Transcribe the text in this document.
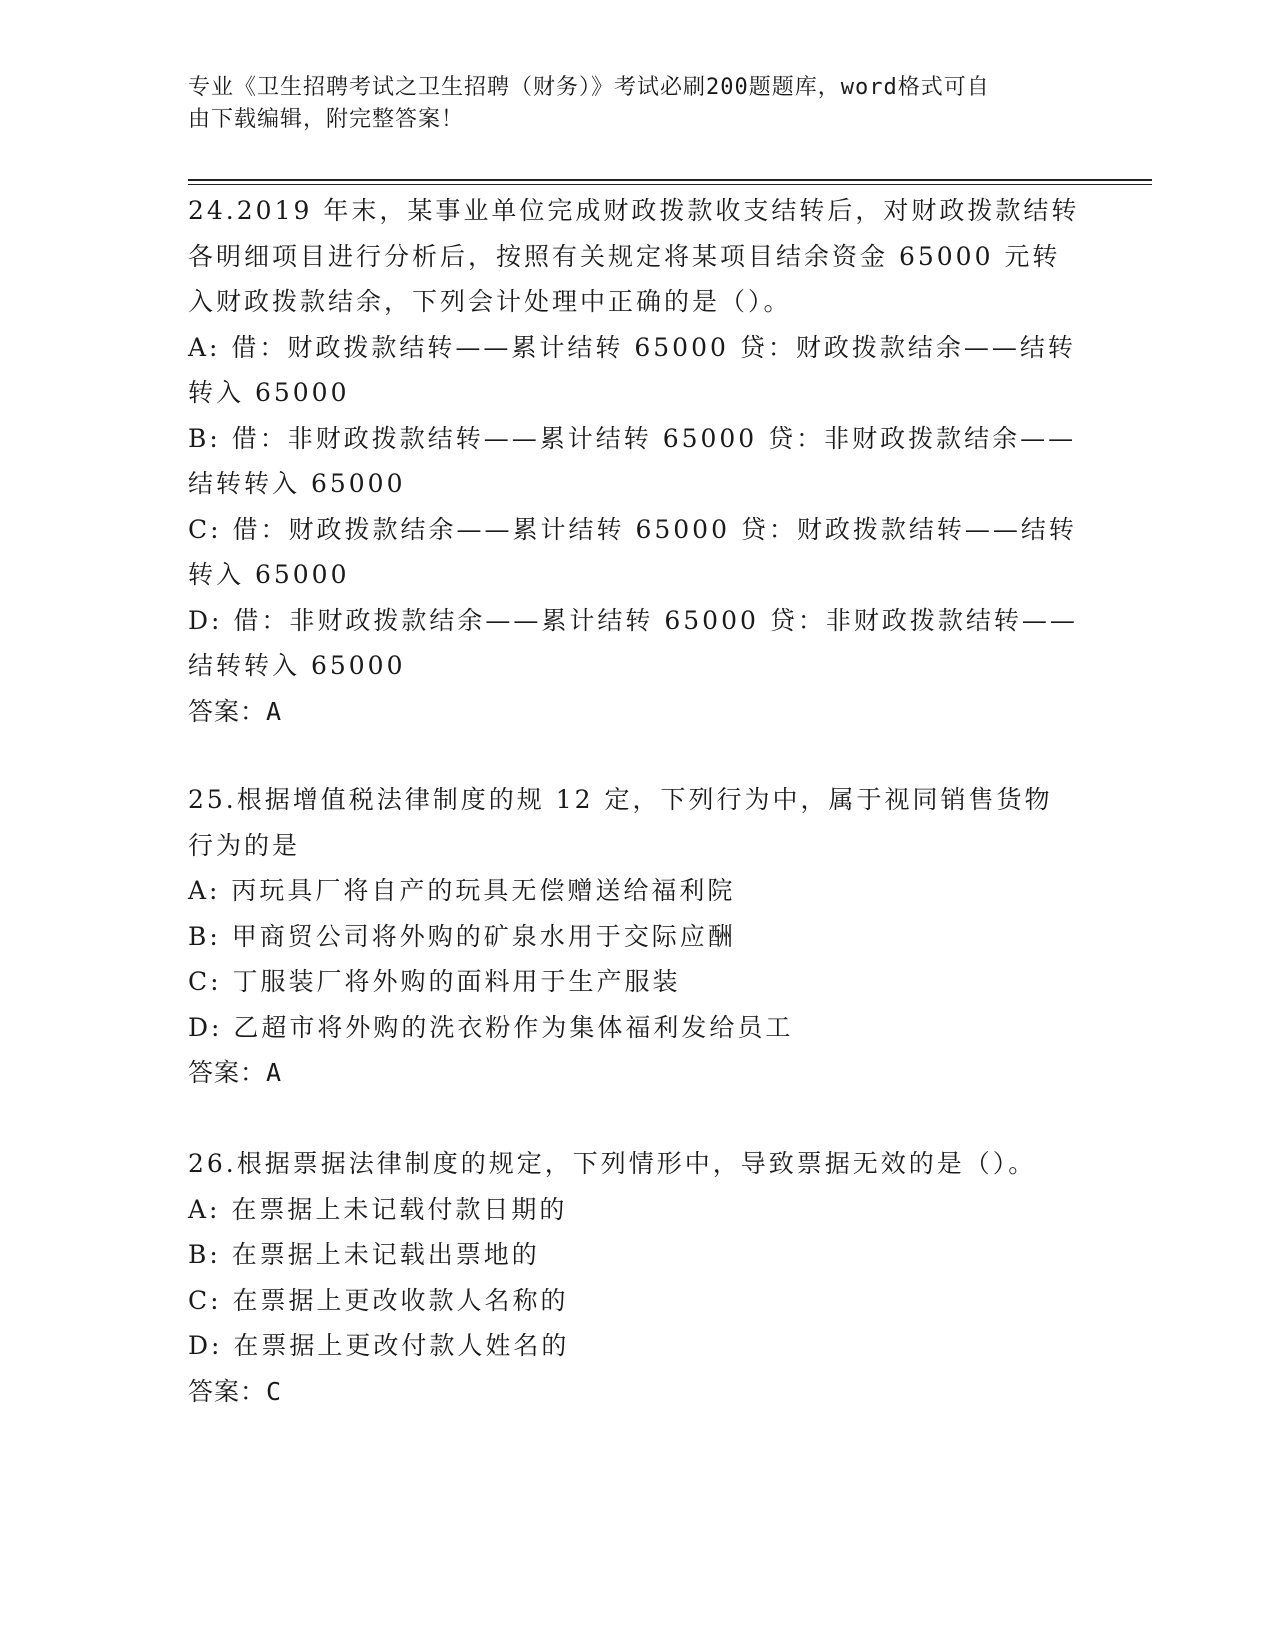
专业《卫生招聘考试之卫生招聘（财务）》考试必刷200题题库，word格式可自
由下载编辑，附完整答案！
24.2019 年末，某事业单位完成财政拨款收支结转后，对财政拨款结转
各明细项目进行分析后，按照有关规定将某项目结余资金 65000 元转
入财政拨款结余，下列会计处理中正确的是（）。
A: 借：财政拨款结转——累计结转 65000 贷：财政拨款结余——结转
转入 65000
B: 借：非财政拨款结转——累计结转 65000 贷：非财政拨款结余——
结转转入 65000
C: 借：财政拨款结余——累计结转 65000 贷：财政拨款结转——结转
转入 65000
D: 借：非财政拨款结余——累计结转 65000 贷：非财政拨款结转——
结转转入 65000
答案：A
25.根据增值税法律制度的规 12 定，下列行为中，属于视同销售货物
行为的是
A: 丙玩具厂将自产的玩具无偿赠送给福利院
B: 甲商贸公司将外购的矿泉水用于交际应酬
C: 丁服装厂将外购的面料用于生产服装
D: 乙超市将外购的洗衣粉作为集体福利发给员工
答案：A
26.根据票据法律制度的规定，下列情形中，导致票据无效的是（）。
A: 在票据上未记载付款日期的
B: 在票据上未记载出票地的
C: 在票据上更改收款人名称的
D: 在票据上更改付款人姓名的
答案：C
